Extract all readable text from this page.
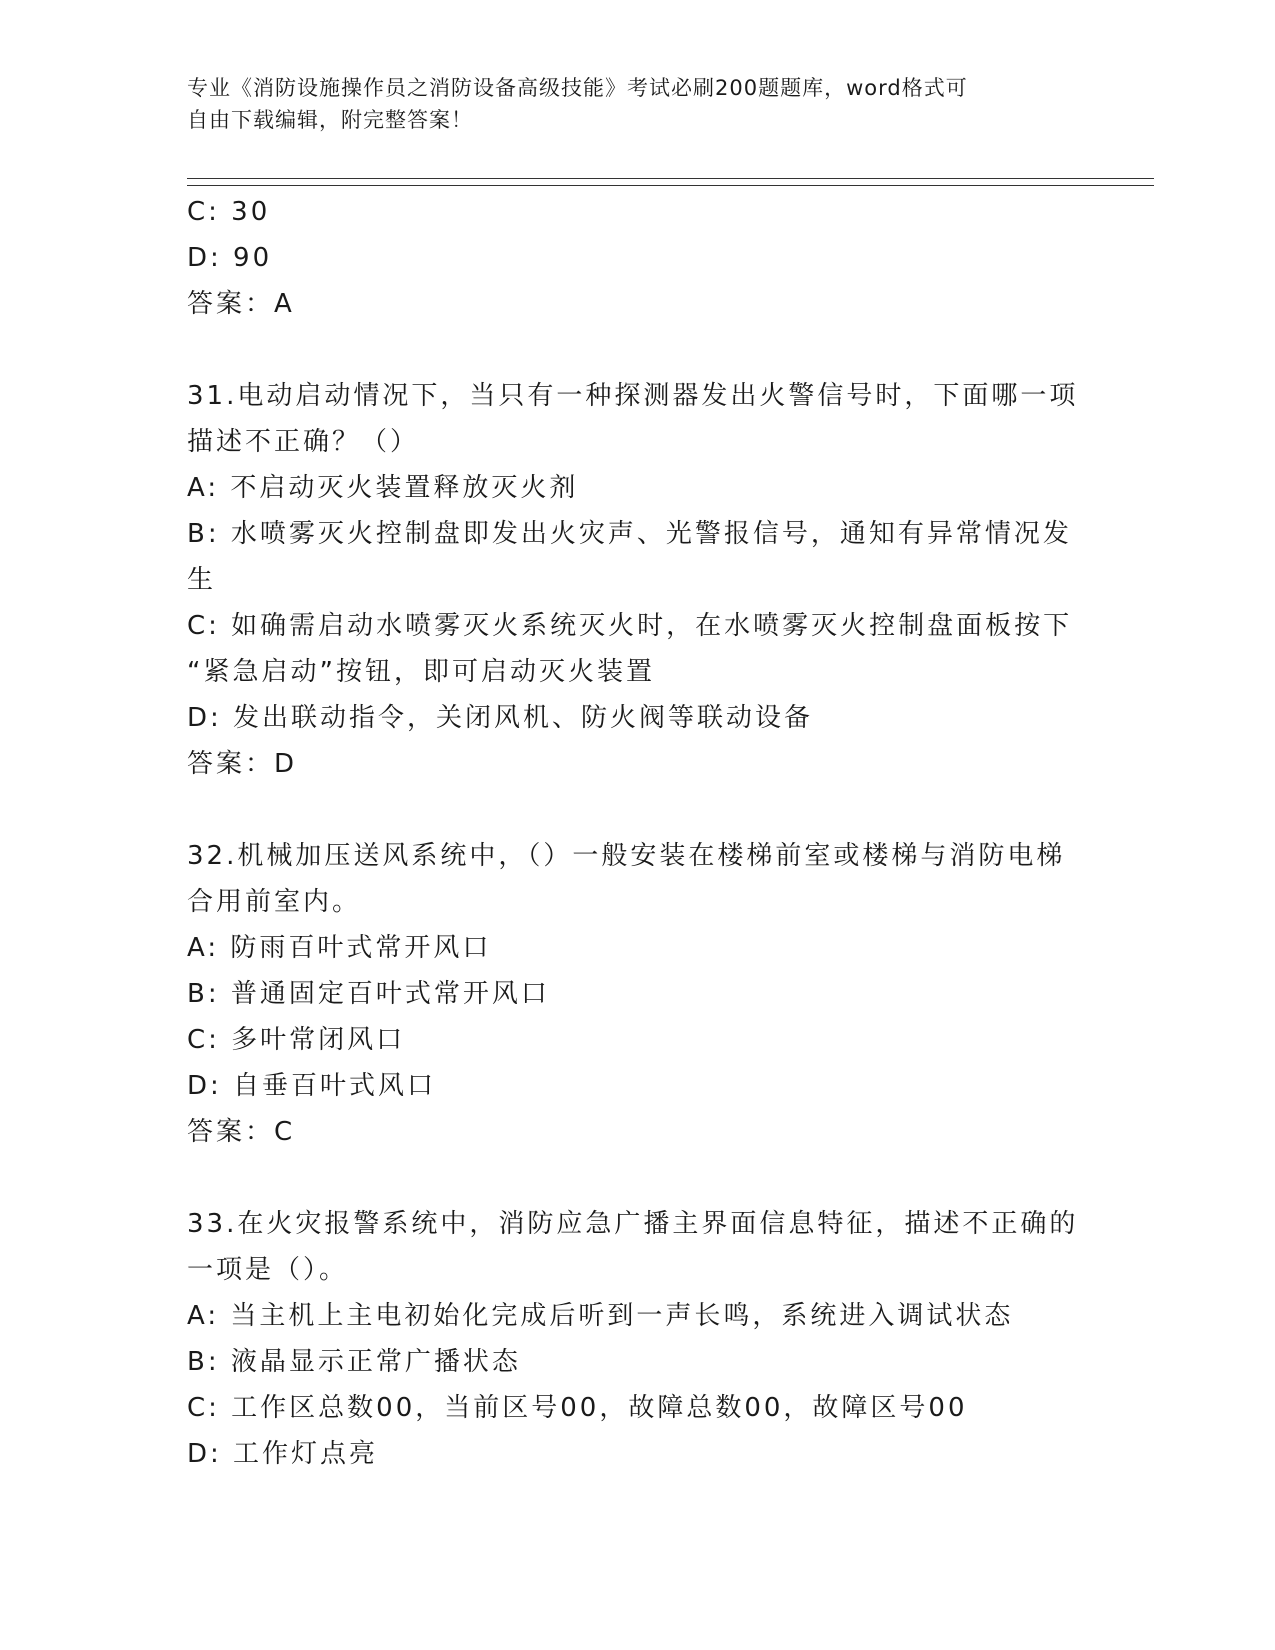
专业《消防设施操作员之消防设备高级技能》考试必刷200题题库，word格式可
自由下载编辑，附完整答案！
C: 30
D: 90
答案：A
31.电动启动情况下，当只有一种探测器发出火警信号时，下面哪一项
描述不正确？（）
A: 不启动灭火装置释放灭火剂
B: 水喷雾灭火控制盘即发出火灾声、光警报信号，通知有异常情况发
生
C: 如确需启动水喷雾灭火系统灭火时，在水喷雾灭火控制盘面板按下
“紧急启动”按钮，即可启动灭火装置
D: 发出联动指令，关闭风机、防火阀等联动设备
答案：D
32.机械加压送风系统中，（）一般安装在楼梯前室或楼梯与消防电梯
合用前室内。
A: 防雨百叶式常开风口
B: 普通固定百叶式常开风口
C: 多叶常闭风口
D: 自垂百叶式风口
答案：C
33.在火灾报警系统中，消防应急广播主界面信息特征，描述不正确的
一项是（）。
A: 当主机上主电初始化完成后听到一声长鸣，系统进入调试状态
B: 液晶显示正常广播状态
C: 工作区总数00，当前区号00，故障总数00，故障区号00
D: 工作灯点亮
